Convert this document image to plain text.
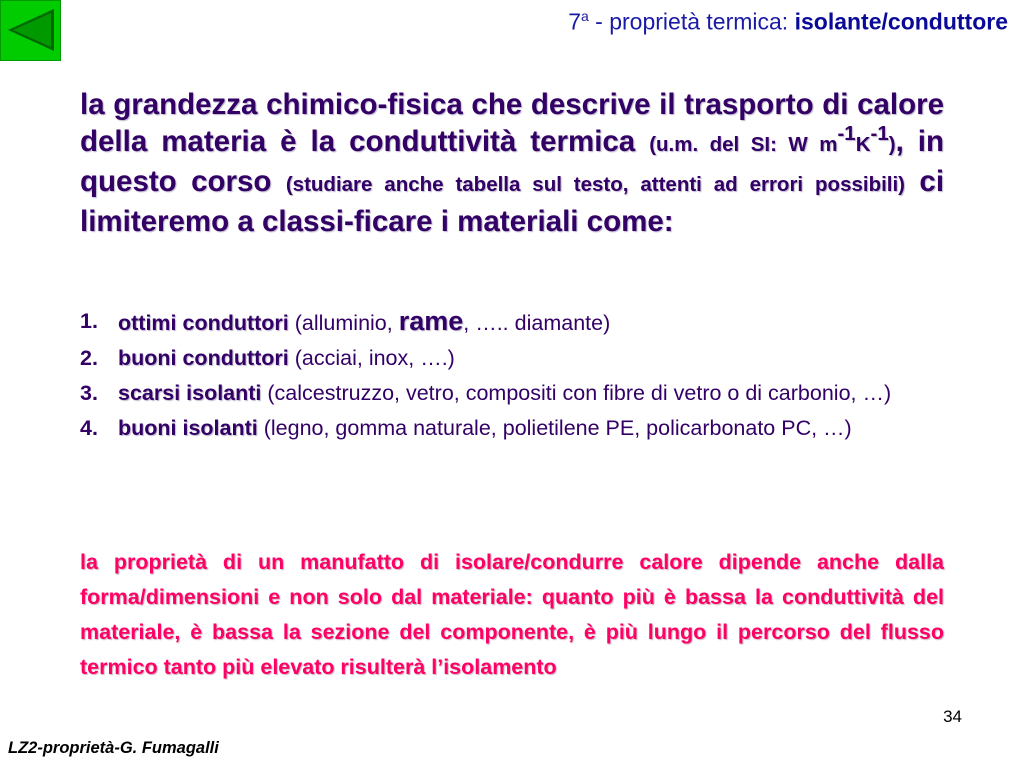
7$^a$ - proprietà termica: isolante/conduttore
la grandezza chimico-fisica che descrive il trasporto di calore della materia è la conduttività termica (u.m. del SI: W $m^{-1}K^{-1}$), in questo corso (studiare anche tabella sul testo, attenti ad errori possibili) ci limiteremo a classi-ficare i materiali come:
1. ottimi conduttori (alluminio, rame, ….. diamante)
2. buoni conduttori (acciai, inox, ….)
3. scarsi isolanti (calcestruzzo, vetro, compositi con fibre di vetro o di carbonio, …)
4. buoni isolanti (legno, gomma naturale, polietilene PE, policarbonato PC, …)
la proprietà di un manufatto di isolare/condurre calore dipende anche dalla forma/dimensioni e non solo dal materiale: quanto più è bassa la conduttività del materiale, è bassa la sezione del componente, è più lungo il percorso del flusso termico tanto più elevato risulterà l’isolamento
34
LZ2-proprietà-G. Fumagalli
